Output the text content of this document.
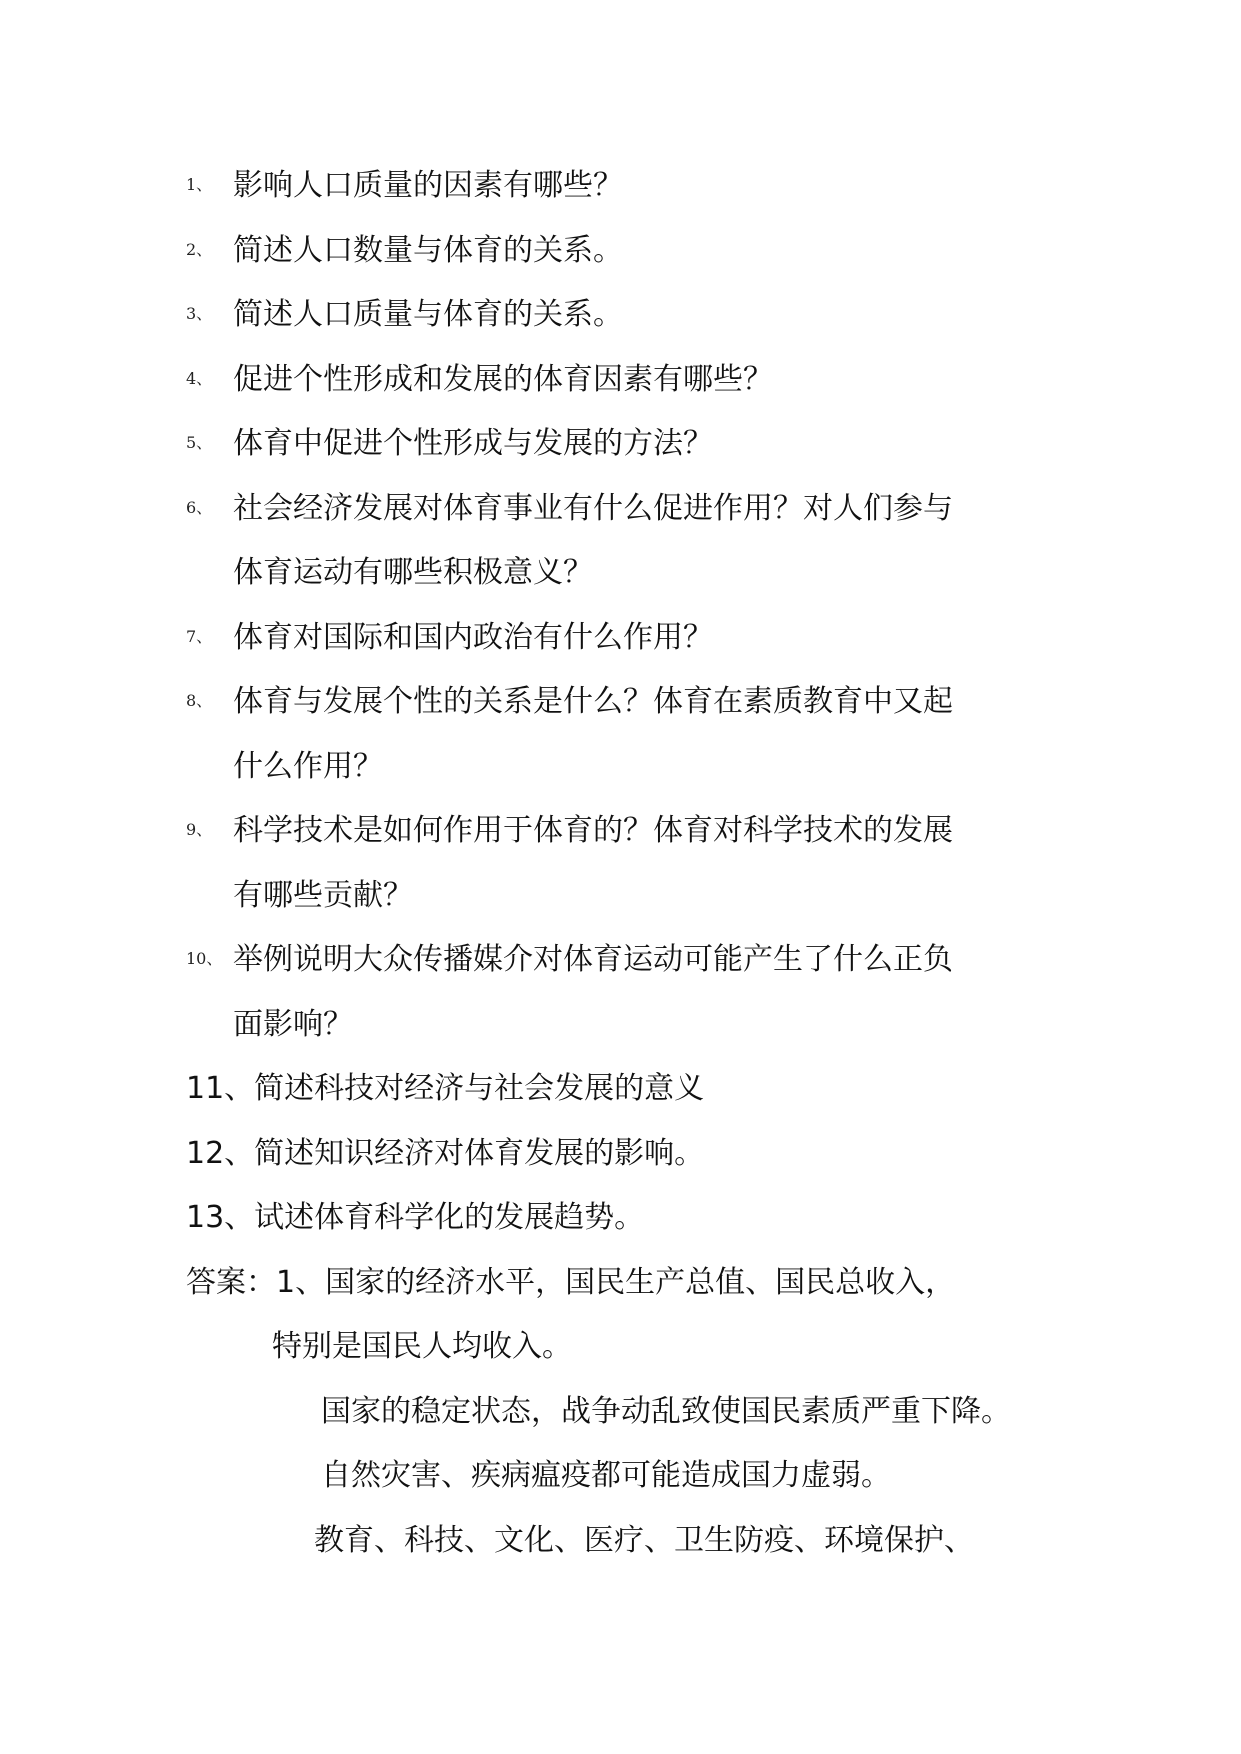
1、 影响人口质量的因素有哪些？
2、 简述人口数量与体育的关系。
3、 简述人口质量与体育的关系。
4、 促进个性形成和发展的体育因素有哪些？
5、 体育中促进个性形成与发展的方法？
6、 社会经济发展对体育事业有什么促进作用？对人们参与
体育运动有哪些积极意义？
7、 体育对国际和国内政治有什么作用？
8、 体育与发展个性的关系是什么？体育在素质教育中又起
什么作用？
9、 科学技术是如何作用于体育的？体育对科学技术的发展
有哪些贡献？
10、 举例说明大众传播媒介对体育运动可能产生了什么正负
面影响？
11、简述科技对经济与社会发展的意义
12、简述知识经济对体育发展的影响。
13、试述体育科学化的发展趋势。
答案：1、国家的经济水平，国民生产总值、国民总收入，
特别是国民人均收入。
国家的稳定状态，战争动乱致使国民素质严重下降。
自然灾害、疾病瘟疫都可能造成国力虚弱。
教育、科技、文化、医疗、卫生防疫、环境保护、
